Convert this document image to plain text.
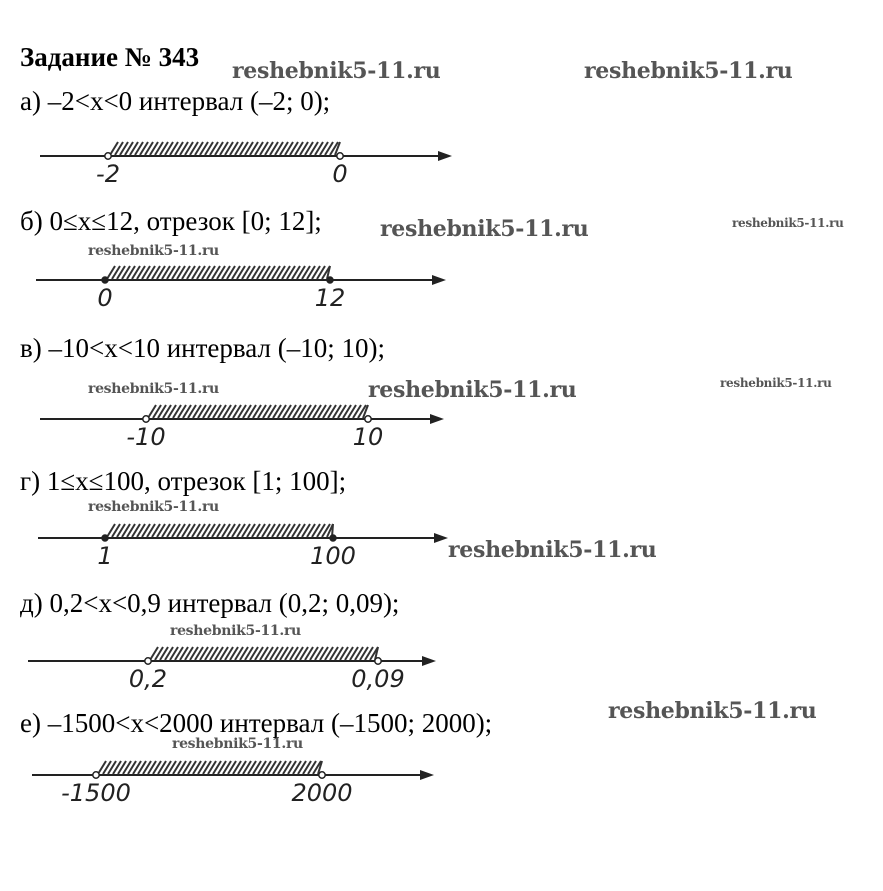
Задание № 343
а) –2<x<0 интервал (–2; 0);
б) 0≤x≤12, отрезок [0; 12];
в) –10<x<10 интервал (–10; 10);
г) 1≤x≤100, отрезок [1; 100];
д) 0,2<x<0,9 интервал (0,2; 0,09);
е) –1500<x<2000 интервал (–1500; 2000);
-2	0
0	12
-10	10
1	100
0,2	0,09
-1500	2000
reshebnik5-11.ru	reshebnik5-11.ru
reshebnik5-11.ru	reshebnik5-11.ru
reshebnik5-11.ru
reshebnik5-11.ru	reshebnik5-11.ru	reshebnik5-11.ru
reshebnik5-11.ru
reshebnik5-11.ru
reshebnik5-11.ru
reshebnik5-11.ru
reshebnik5-11.ru
